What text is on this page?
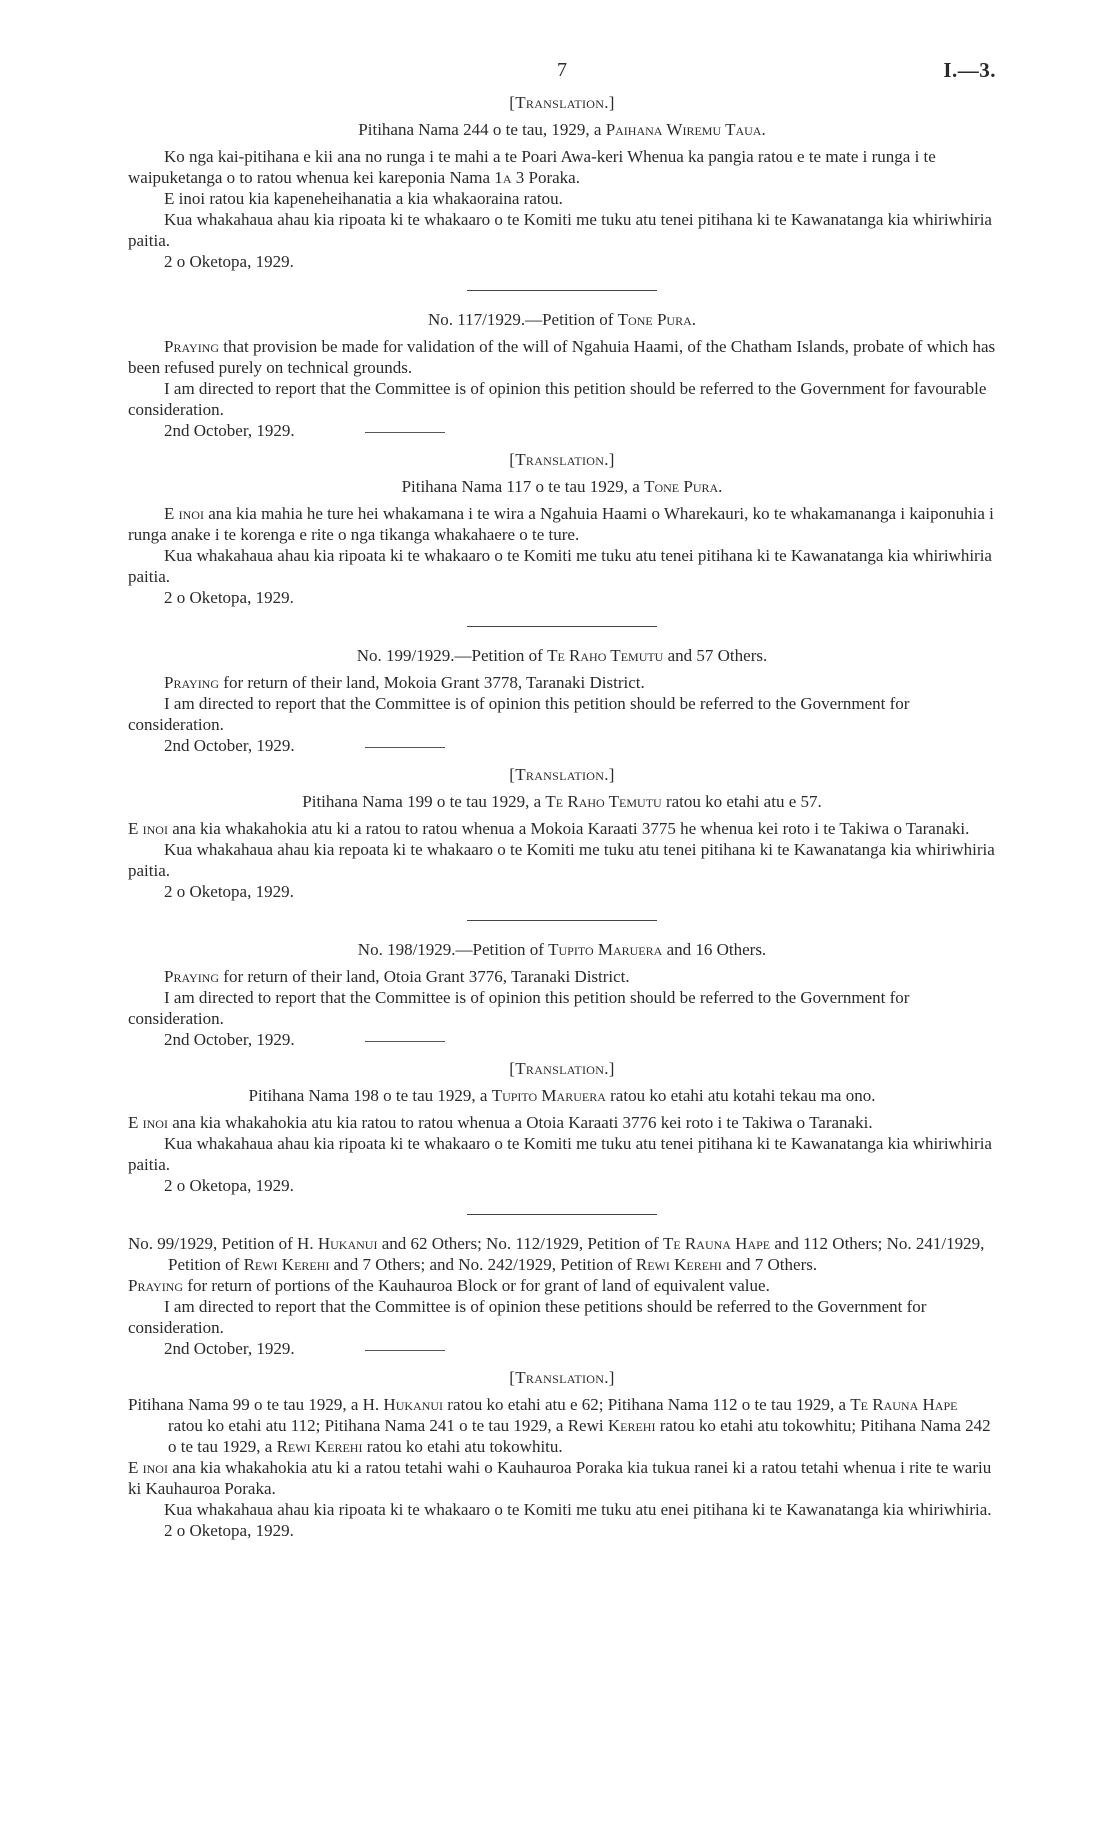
7	I.—3.

[Translation.]

Pitihana Nama 244 o te tau, 1929, a Paihana Wiremu Taua.

Ko nga kai-pitihana e kii ana no runga i te mahi a te Poari Awa-keri Whenua ka pangia ratou e te mate i runga i te waipuketanga o to ratou whenua kei kareponia Nama 1a 3 Poraka.

E inoi ratou kia kapeneheihanatia a kia whakaoraina ratou.

Kua whakahaua ahau kia ripoata ki te whakaaro o te Komiti me tuku atu tenei pitihana ki te Kawanatanga kia whiriwhiria paitia.

2 o Oketopa, 1929.

No. 117/1929.—Petition of Tone Pura.

Praying that provision be made for validation of the will of Ngahuia Haami, of the Chatham Islands, probate of which has been refused purely on technical grounds.

I am directed to report that the Committee is of opinion this petition should be referred to the Government for favourable consideration.

2nd October, 1929.

[Translation.]

Pitihana Nama 117 o te tau 1929, a Tone Pura.

E inoi ana kia mahia he ture hei whakamana i te wira a Ngahuia Haami o Wharekauri, ko te whakamananga i kaiponuhia i runga anake i te korenga e rite o nga tikanga whakahaere o te ture.

Kua whakahaua ahau kia ripoata ki te whakaaro o te Komiti me tuku atu tenei pitihana ki te Kawanatanga kia whiriwhiria paitia.

2 o Oketopa, 1929.

No. 199/1929.—Petition of Te Raho Temutu and 57 Others.

Praying for return of their land, Mokoia Grant 3778, Taranaki District.

I am directed to report that the Committee is of opinion this petition should be referred to the Government for consideration.

2nd October, 1929.

[Translation.]

Pitihana Nama 199 o te tau 1929, a Te Raho Temutu ratou ko etahi atu e 57.

E inoi ana kia whakahokia atu ki a ratou to ratou whenua a Mokoia Karaati 3775 he whenua kei roto i te Takiwa o Taranaki.

Kua whakahaua ahau kia repoata ki te whakaaro o te Komiti me tuku atu tenei pitihana ki te Kawanatanga kia whiriwhiria paitia.

2 o Oketopa, 1929.

No. 198/1929.—Petition of Tupito Maruera and 16 Others.

Praying for return of their land, Otoia Grant 3776, Taranaki District.

I am directed to report that the Committee is of opinion this petition should be referred to the Government for consideration.

2nd October, 1929.

[Translation.]

Pitihana Nama 198 o te tau 1929, a Tupito Maruera ratou ko etahi atu kotahi tekau ma ono.

E inoi ana kia whakahokia atu kia ratou to ratou whenua a Otoia Karaati 3776 kei roto i te Takiwa o Taranaki.

Kua whakahaua ahau kia ripoata ki te whakaaro o te Komiti me tuku atu tenei pitihana ki te Kawanatanga kia whiriwhiria paitia.

2 o Oketopa, 1929.

No. 99/1929, Petition of H. Hukanui and 62 Others; No. 112/1929, Petition of Te Rauna Hape and 112 Others; No. 241/1929, Petition of Rewi Kerehi and 7 Others; and No. 242/1929, Petition of Rewi Kerehi and 7 Others.

Praying for return of portions of the Kauhauroa Block or for grant of land of equivalent value.

I am directed to report that the Committee is of opinion these petitions should be referred to the Government for consideration.

2nd October, 1929.

[Translation.]

Pitihana Nama 99 o te tau 1929, a H. Hukanui ratou ko etahi atu e 62; Pitihana Nama 112 o te tau 1929, a Te Rauna Hape ratou ko etahi atu 112; Pitihana Nama 241 o te tau 1929, a Rewi Kerehi ratou ko etahi atu tokowhitu; Pitihana Nama 242 o te tau 1929, a Rewi Kerehi ratou ko etahi atu tokowhitu.

E inoi ana kia whakahokia atu ki a ratou tetahi wahi o Kauhauroa Poraka kia tukua ranei ki a ratou tetahi whenua i rite te wariu ki Kauhauroa Poraka.

Kua whakahaua ahau kia ripoata ki te whakaaro o te Komiti me tuku atu enei pitihana ki te Kawanatanga kia whiriwhiria.

2 o Oketopa, 1929.
